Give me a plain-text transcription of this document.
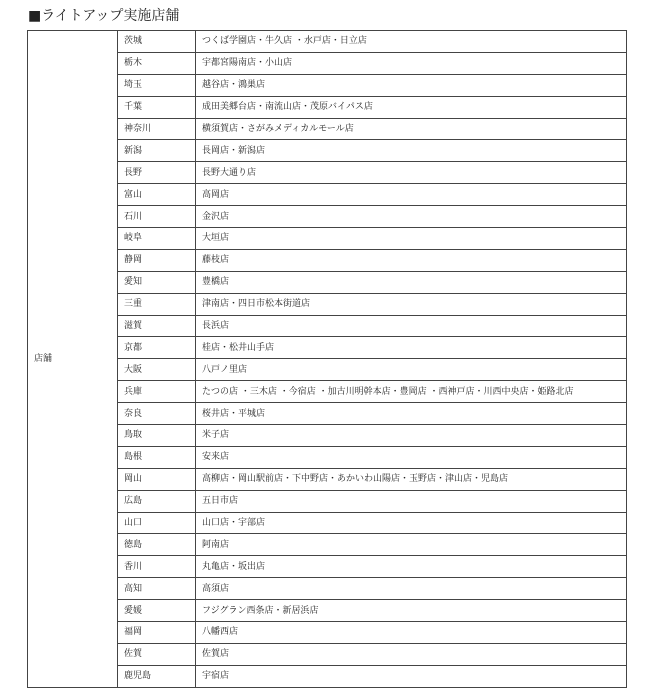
■ライトアップ実施店舗
店舗	茨城	つくば学園店・牛久店 ・水戸店・日立店
	栃木	宇都宮陽南店・小山店
	埼玉	越谷店・鴻巣店
	千葉	成田美郷台店・南流山店・茂原バイパス店
	神奈川	横須賀店・さがみメディカルモール店
	新潟	長岡店・新潟店
	長野	長野大通り店
	富山	高岡店
	石川	金沢店
	岐阜	大垣店
	静岡	藤枝店
	愛知	豊橋店
	三重	津南店・四日市松本街道店
	滋賀	長浜店
	京都	桂店・松井山手店
	大阪	八戸ノ里店
	兵庫	たつの店 ・三木店 ・今宿店 ・加古川明幹本店・豊岡店 ・西神戸店・川西中央店・姫路北店
	奈良	桜井店・平城店
	鳥取	米子店
	島根	安来店
	岡山	高柳店・岡山駅前店・下中野店・あかいわ山陽店・玉野店・津山店・児島店
	広島	五日市店
	山口	山口店・宇部店
	徳島	阿南店
	香川	丸亀店・坂出店
	高知	高須店
	愛媛	フジグラン西条店・新居浜店
	福岡	八幡西店
	佐賀	佐賀店
	鹿児島	宇宿店
